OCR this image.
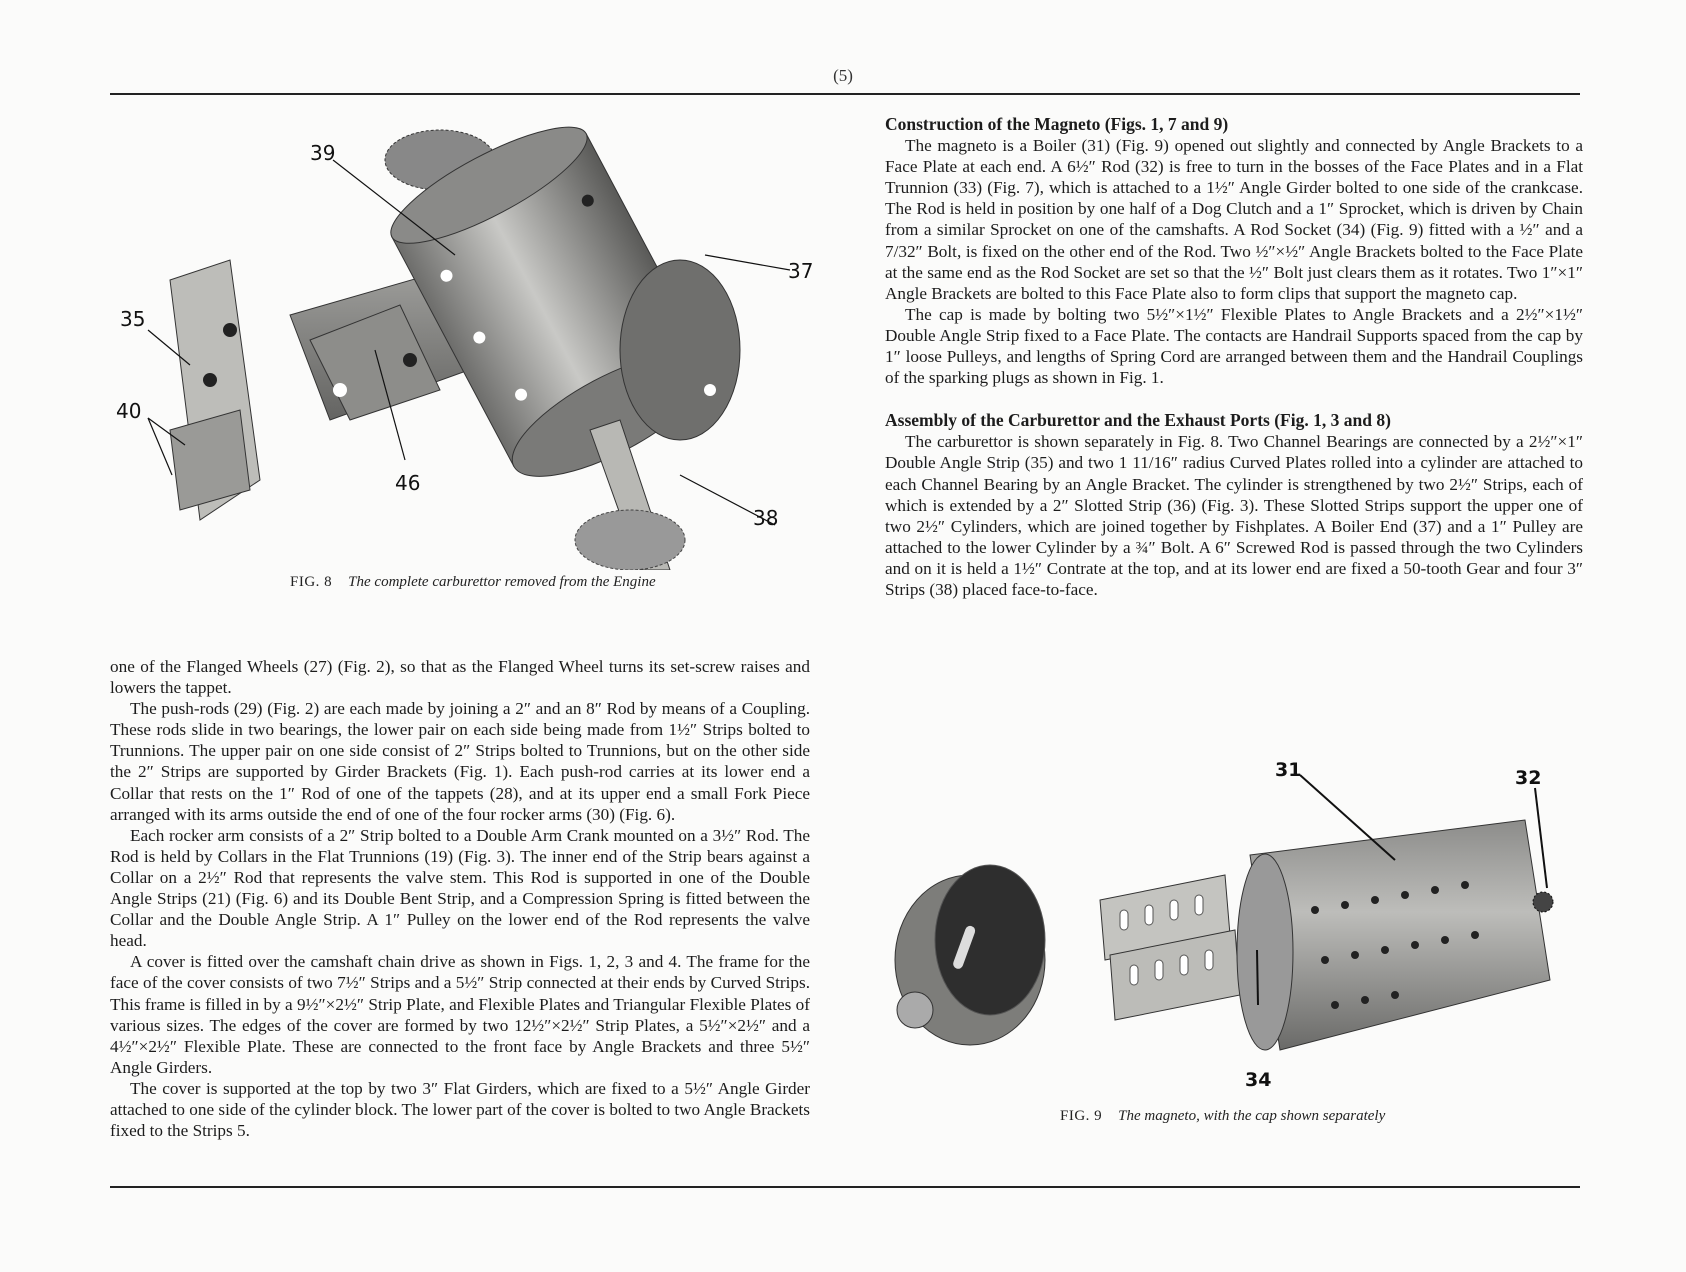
(5)
39
35
40
46
37
38
FIG. 8 The complete carburettor removed from the Engine

one of the Flanged Wheels (27) (Fig. 2), so that as the Flanged Wheel turns its set-screw raises and lowers the tappet.

The push-rods (29) (Fig. 2) are each made by joining a 2″ and an 8″ Rod by means of a Coupling. These rods slide in two bearings, the lower pair on each side being made from 1½″ Strips bolted to Trunnions. The upper pair on one side consist of 2″ Strips bolted to Trunnions, but on the other side the 2″ Strips are supported by Girder Brackets (Fig. 1). Each push-rod carries at its lower end a Collar that rests on the 1″ Rod of one of the tappets (28), and at its upper end a small Fork Piece arranged with its arms outside the end of one of the four rocker arms (30) (Fig. 6).

Each rocker arm consists of a 2″ Strip bolted to a Double Arm Crank mounted on a 3½″ Rod. The Rod is held by Collars in the Flat Trunnions (19) (Fig. 3). The inner end of the Strip bears against a Collar on a 2½″ Rod that represents the valve stem. This Rod is supported in one of the Double Angle Strips (21) (Fig. 6) and its Double Bent Strip, and a Compression Spring is fitted between the Collar and the Double Angle Strip. A 1″ Pulley on the lower end of the Rod represents the valve head.

A cover is fitted over the camshaft chain drive as shown in Figs. 1, 2, 3 and 4. The frame for the face of the cover consists of two 7½″ Strips and a 5½″ Strip connected at their ends by Curved Strips. This frame is filled in by a 9½″×2½″ Strip Plate, and Flexible Plates and Triangular Flexible Plates of various sizes. The edges of the cover are formed by two 12½″×2½″ Strip Plates, a 5½″×2½″ and a 4½″×2½″ Flexible Plate. These are connected to the front face by Angle Brackets and three 5½″ Angle Girders.

The cover is supported at the top by two 3″ Flat Girders, which are fixed to a 5½″ Angle Girder attached to one side of the cylinder block. The lower part of the cover is bolted to two Angle Brackets fixed to the Strips 5.

Construction of the Magneto (Figs. 1, 7 and 9)

The magneto is a Boiler (31) (Fig. 9) opened out slightly and connected by Angle Brackets to a Face Plate at each end. A 6½″ Rod (32) is free to turn in the bosses of the Face Plates and in a Flat Trunnion (33) (Fig. 7), which is attached to a 1½″ Angle Girder bolted to one side of the crankcase. The Rod is held in position by one half of a Dog Clutch and a 1″ Sprocket, which is driven by Chain from a similar Sprocket on one of the camshafts. A Rod Socket (34) (Fig. 9) fitted with a ½″ and a 7/32″ Bolt, is fixed on the other end of the Rod. Two ½″×½″ Angle Brackets bolted to the Face Plate at the same end as the Rod Socket are set so that the ½″ Bolt just clears them as it rotates. Two 1″×1″ Angle Brackets are bolted to this Face Plate also to form clips that support the magneto cap.

The cap is made by bolting two 5½″×1½″ Flexible Plates to Angle Brackets and a 2½″×1½″ Double Angle Strip fixed to a Face Plate. The contacts are Handrail Supports spaced from the cap by 1″ loose Pulleys, and lengths of Spring Cord are arranged between them and the Handrail Couplings of the sparking plugs as shown in Fig. 1.

Assembly of the Carburettor and the Exhaust Ports (Fig. 1, 3 and 8)

The carburettor is shown separately in Fig. 8. Two Channel Bearings are connected by a 2½″×1″ Double Angle Strip (35) and two 1 11/16″ radius Curved Plates rolled into a cylinder are attached to each Channel Bearing by an Angle Bracket. The cylinder is strengthened by two 2½″ Strips, each of which is extended by a 2″ Slotted Strip (36) (Fig. 3). These Slotted Strips support the upper one of two 2½″ Cylinders, which are joined together by Fishplates. A Boiler End (37) and a 1″ Pulley are attached to the lower Cylinder by a ¾″ Bolt. A 6″ Screwed Rod is passed through the two Cylinders and on it is held a 1½″ Contrate at the top, and at its lower end are fixed a 50-tooth Gear and four 3″ Strips (38) placed face-to-face.

31	32
34
FIG. 9 The magneto, with the cap shown separately
